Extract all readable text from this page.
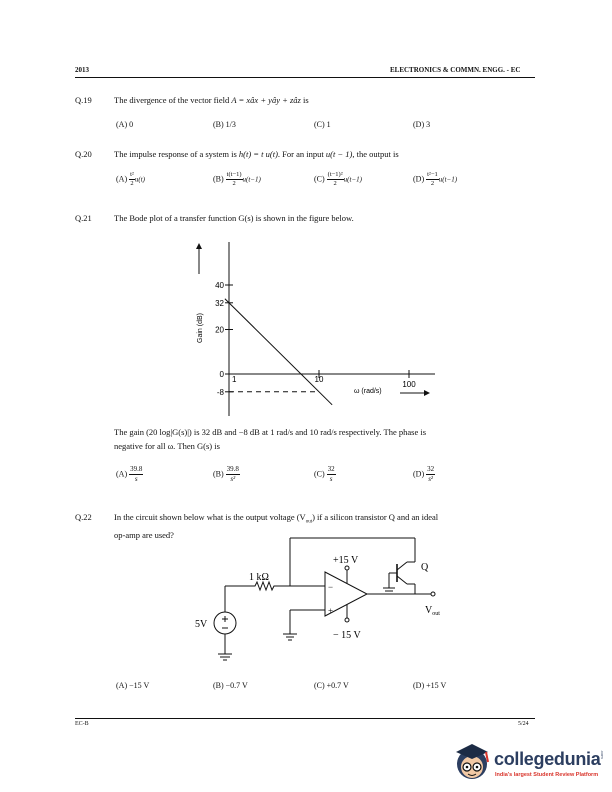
2013	ELECTRONICS & COMMN. ENGG. - EC
Q.19	The divergence of the vector field A = xâx + yây + zâz is
(A) 0	(B) 1/3	(C) 1	(D) 3
Q.20	The impulse response of a system is h(t) = t u(t). For an input u(t − 1), the output is
$(A) \frac{\text{t²}}{2} u(t)$	$(B) \frac{t(t-1)}{2} u(t-1)$	$(C) \frac{\text{(t−1)²}}{2} u(t-1)$	$(D) \frac{\text{t²−1}}{2} u(t-1)$
Q.21	The Bode plot of a transfer function G(s) is shown in the figure below.
Gain (dB)
ω (rad/s)
40
32
20
0
-8
1	10
100
The gain (20 log|G(s)|) is 32 dB and −8 dB at 1 rad/s and 10 rad/s respectively. The phase is
negative for all ω. Then G(s) is
$(A) \frac{39.8}{s}$	$(B) \frac{39.8}{\text{s²}}$	$(C) \frac{32}{s}$	$(D) \frac{32}{\text{s²}}$
Q.22	In the circuit shown below what is the output voltage $(V_{out})$ if a silicon transistor Q and an ideal
op-amp are used?
−
+
1 kΩ
+15 V
− 15 V
5V
Q
$V_{out}$
(A) −15 V	(B) −0.7 V	(C) +0.7 V	(D) +15 V
EC-B	5/24
collegedunia .com
India's largest Student Review Platform
